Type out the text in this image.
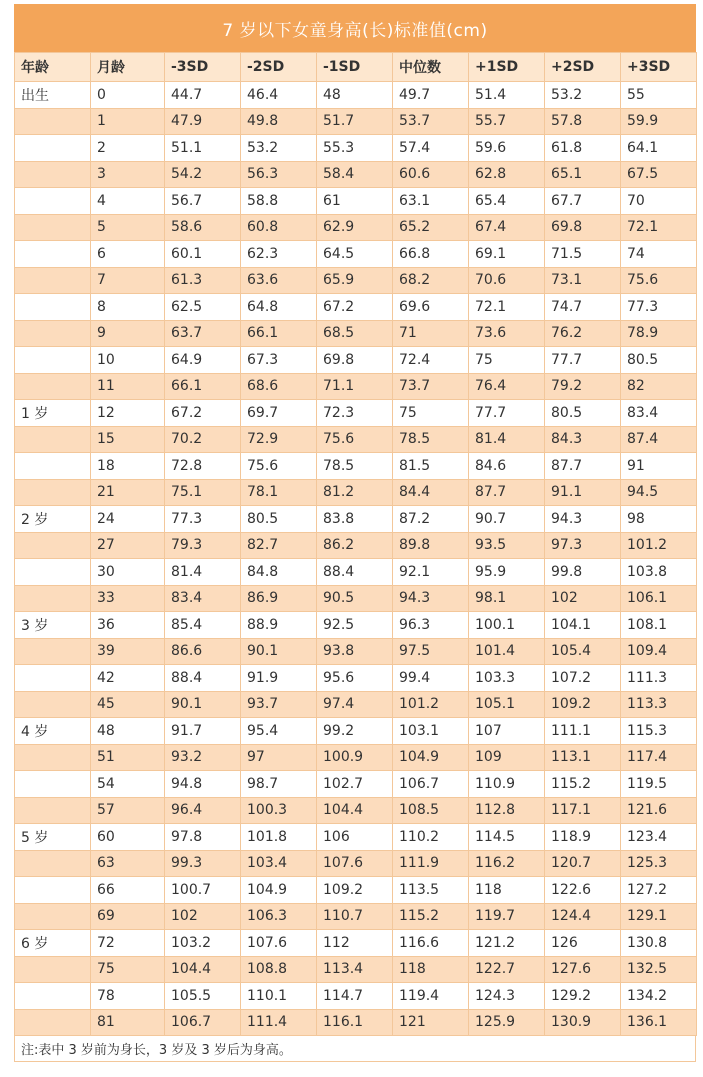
7 岁以下女童身高(长)标准值(cm)
年龄	月龄	-3SD	-2SD	-1SD	中位数	+1SD	+2SD	+3SD
出生	0	44.7	46.4	48	49.7	51.4	53.2	55
	1	47.9	49.8	51.7	53.7	55.7	57.8	59.9
	2	51.1	53.2	55.3	57.4	59.6	61.8	64.1
	3	54.2	56.3	58.4	60.6	62.8	65.1	67.5
	4	56.7	58.8	61	63.1	65.4	67.7	70
	5	58.6	60.8	62.9	65.2	67.4	69.8	72.1
	6	60.1	62.3	64.5	66.8	69.1	71.5	74
	7	61.3	63.6	65.9	68.2	70.6	73.1	75.6
	8	62.5	64.8	67.2	69.6	72.1	74.7	77.3
	9	63.7	66.1	68.5	71	73.6	76.2	78.9
	10	64.9	67.3	69.8	72.4	75	77.7	80.5
	11	66.1	68.6	71.1	73.7	76.4	79.2	82
1 岁	12	67.2	69.7	72.3	75	77.7	80.5	83.4
	15	70.2	72.9	75.6	78.5	81.4	84.3	87.4
	18	72.8	75.6	78.5	81.5	84.6	87.7	91
	21	75.1	78.1	81.2	84.4	87.7	91.1	94.5
2 岁	24	77.3	80.5	83.8	87.2	90.7	94.3	98
	27	79.3	82.7	86.2	89.8	93.5	97.3	101.2
	30	81.4	84.8	88.4	92.1	95.9	99.8	103.8
	33	83.4	86.9	90.5	94.3	98.1	102	106.1
3 岁	36	85.4	88.9	92.5	96.3	100.1	104.1	108.1
	39	86.6	90.1	93.8	97.5	101.4	105.4	109.4
	42	88.4	91.9	95.6	99.4	103.3	107.2	111.3
	45	90.1	93.7	97.4	101.2	105.1	109.2	113.3
4 岁	48	91.7	95.4	99.2	103.1	107	111.1	115.3
	51	93.2	97	100.9	104.9	109	113.1	117.4
	54	94.8	98.7	102.7	106.7	110.9	115.2	119.5
	57	96.4	100.3	104.4	108.5	112.8	117.1	121.6
5 岁	60	97.8	101.8	106	110.2	114.5	118.9	123.4
	63	99.3	103.4	107.6	111.9	116.2	120.7	125.3
	66	100.7	104.9	109.2	113.5	118	122.6	127.2
	69	102	106.3	110.7	115.2	119.7	124.4	129.1
6 岁	72	103.2	107.6	112	116.6	121.2	126	130.8
	75	104.4	108.8	113.4	118	122.7	127.6	132.5
	78	105.5	110.1	114.7	119.4	124.3	129.2	134.2
	81	106.7	111.4	116.1	121	125.9	130.9	136.1
注:表中 3 岁前为身长，3 岁及 3 岁后为身高。
